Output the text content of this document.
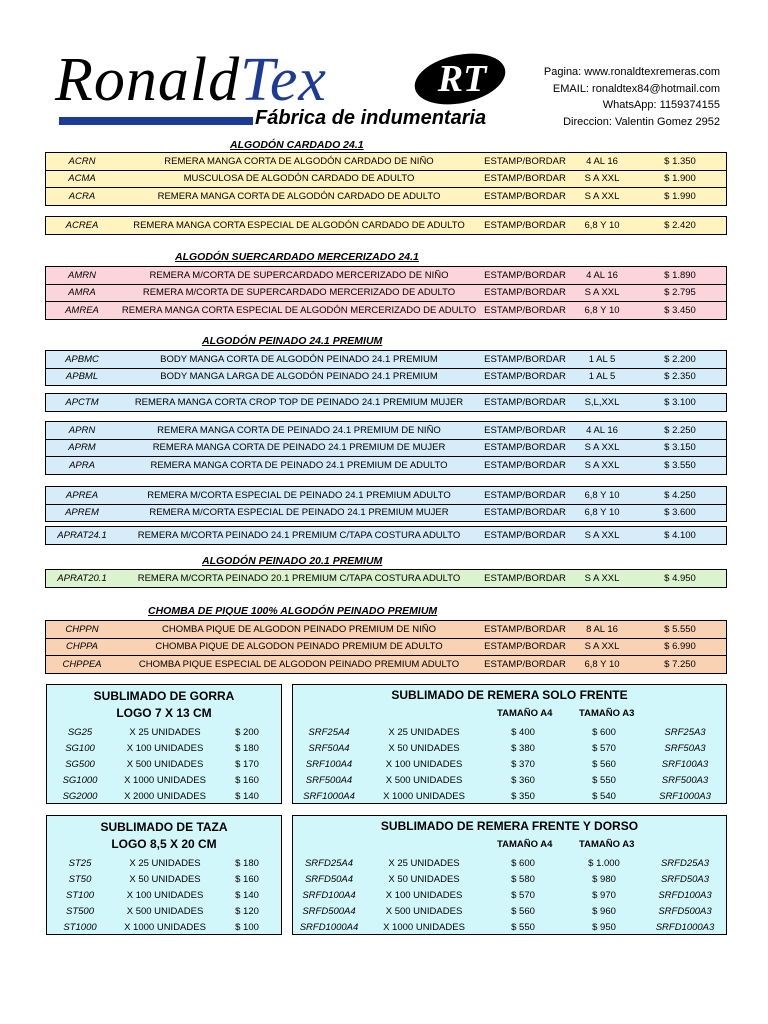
RonaldTex	RT
Fábrica de indumentaria
Pagina: www.ronaldtexremeras.com
EMAIL: ronaldtex84@hotmail.com
WhatsApp: 1159374155
Direccion: Valentin Gomez 2952
ALGODÓN CARDADO 24.1
ALGODÓN SUERCARDADO MERCERIZADO 24.1
ALGODÓN PEINADO 24.1 PREMIUM
ALGODÓN PEINADO 20.1 PREMIUM
CHOMBA DE PIQUE 100% ALGODÓN PEINADO PREMIUM
ACRN	REMERA MANGA CORTA DE ALGODÓN CARDADO DE NIÑO	ESTAMP/BORDAR	4 AL 16	$ 1.350
ACMA	MUSCULOSA DE ALGODÓN CARDADO DE ADULTO	ESTAMP/BORDAR	S A XXL	$ 1.900
ACRA	REMERA MANGA CORTA DE ALGODÓN CARDADO DE ADULTO	ESTAMP/BORDAR	S A XXL	$ 1.990
ACREA	REMERA MANGA CORTA ESPECIAL DE ALGODÓN CARDADO DE ADULTO	ESTAMP/BORDAR	6,8 Y 10	$ 2.420
AMRN	REMERA M/CORTA DE SUPERCARDADO MERCERIZADO DE NIÑO	ESTAMP/BORDAR	4 AL 16	$ 1.890
AMRA	REMERA M/CORTA DE SUPERCARDADO MERCERIZADO DE ADULTO	ESTAMP/BORDAR	S A XXL	$ 2.795
AMREA	REMERA MANGA CORTA ESPECIAL DE ALGODÓN MERCERIZADO DE ADULTO ESTAMP/BORDAR	6,8 Y 10	$ 3.450
APBMC	BODY MANGA CORTA DE ALGODÓN PEINADO 24.1 PREMIUM	ESTAMP/BORDAR	1 AL 5	$ 2.200
APBML	BODY MANGA LARGA DE ALGODÓN PEINADO 24.1 PREMIUM	ESTAMP/BORDAR	1 AL 5	$ 2.350
APCTM	REMERA MANGA CORTA CROP TOP DE PEINADO 24.1 PREMIUM MUJER	ESTAMP/BORDAR	S,L,XXL	$ 3.100
APRN	REMERA MANGA CORTA DE PEINADO 24.1 PREMIUM DE NIÑO	ESTAMP/BORDAR	4 AL 16	$ 2.250
APRM	REMERA MANGA CORTA DE PEINADO 24.1 PREMIUM DE MUJER	ESTAMP/BORDAR	S A XXL	$ 3.150
APRA	REMERA MANGA CORTA DE PEINADO 24.1 PREMIUM DE ADULTO	ESTAMP/BORDAR	S A XXL	$ 3.550
APREA	REMERA M/CORTA ESPECIAL DE PEINADO 24.1 PREMIUM ADULTO	ESTAMP/BORDAR	6,8 Y 10	$ 4.250
APREM	REMERA M/CORTA ESPECIAL DE PEINADO 24.1 PREMIUM MUJER	ESTAMP/BORDAR	6,8 Y 10	$ 3.600
APRAT24.1	REMERA M/CORTA PEINADO 24.1 PREMIUM C/TAPA COSTURA ADULTO	ESTAMP/BORDAR	S A XXL	$ 4.100
APRAT20.1	REMERA M/CORTA PEINADO 20.1 PREMIUM C/TAPA COSTURA ADULTO	ESTAMP/BORDAR	S A XXL	$ 4.950
CHPPN	CHOMBA PIQUE DE ALGODON PEINADO PREMIUM DE NIÑO	ESTAMP/BORDAR	8 AL 16	$ 5.550
CHPPA	CHOMBA PIQUE DE ALGODON PEINADO PREMIUM DE ADULTO	ESTAMP/BORDAR	S A XXL	$ 6.990
CHPPEA	CHOMBA PIQUE ESPECIAL DE ALGODON PEINADO PREMIUM ADULTO	ESTAMP/BORDAR	6,8 Y 10	$ 7.250
SUBLIMADO DE GORRA
LOGO 7 X 13 CM
SG25	X 25 UNIDADES	$ 200
SG100	X 100 UNIDADES	$ 180
SG500	X 500 UNIDADES	$ 170
SG1000	X 1000 UNIDADES	$ 160
SG2000	X 2000 UNIDADES	$ 140
SUBLIMADO DE REMERA SOLO FRENTE
TAMAÑO A4	TAMAÑO A3
SRF25A4	X 25 UNIDADES	$ 400	$ 600	SRF25A3
SRF50A4	X 50 UNIDADES	$ 380	$ 570	SRF50A3
SRF100A4	X 100 UNIDADES	$ 370	$ 560	SRF100A3
SRF500A4	X 500 UNIDADES	$ 360	$ 550	SRF500A3
SRF1000A4	X 1000 UNIDADES	$ 350	$ 540	SRF1000A3
SUBLIMADO DE TAZA
LOGO 8,5 X 20 CM
ST25	X 25 UNIDADES	$ 180
ST50	X 50 UNIDADES	$ 160
ST100	X 100 UNIDADES	$ 140
ST500	X 500 UNIDADES	$ 120
ST1000	X 1000 UNIDADES	$ 100
SUBLIMADO DE REMERA FRENTE Y DORSO
TAMAÑO A4	TAMAÑO A3
SRFD25A4	X 25 UNIDADES	$ 600	$ 1.000	SRFD25A3
SRFD50A4	X 50 UNIDADES	$ 580	$ 980	SRFD50A3
SRFD100A4	X 100 UNIDADES	$ 570	$ 970	SRFD100A3
SRFD500A4	X 500 UNIDADES	$ 560	$ 960	SRFD500A3
SRFD1000A4	X 1000 UNIDADES	$ 550	$ 950	SRFD1000A3
